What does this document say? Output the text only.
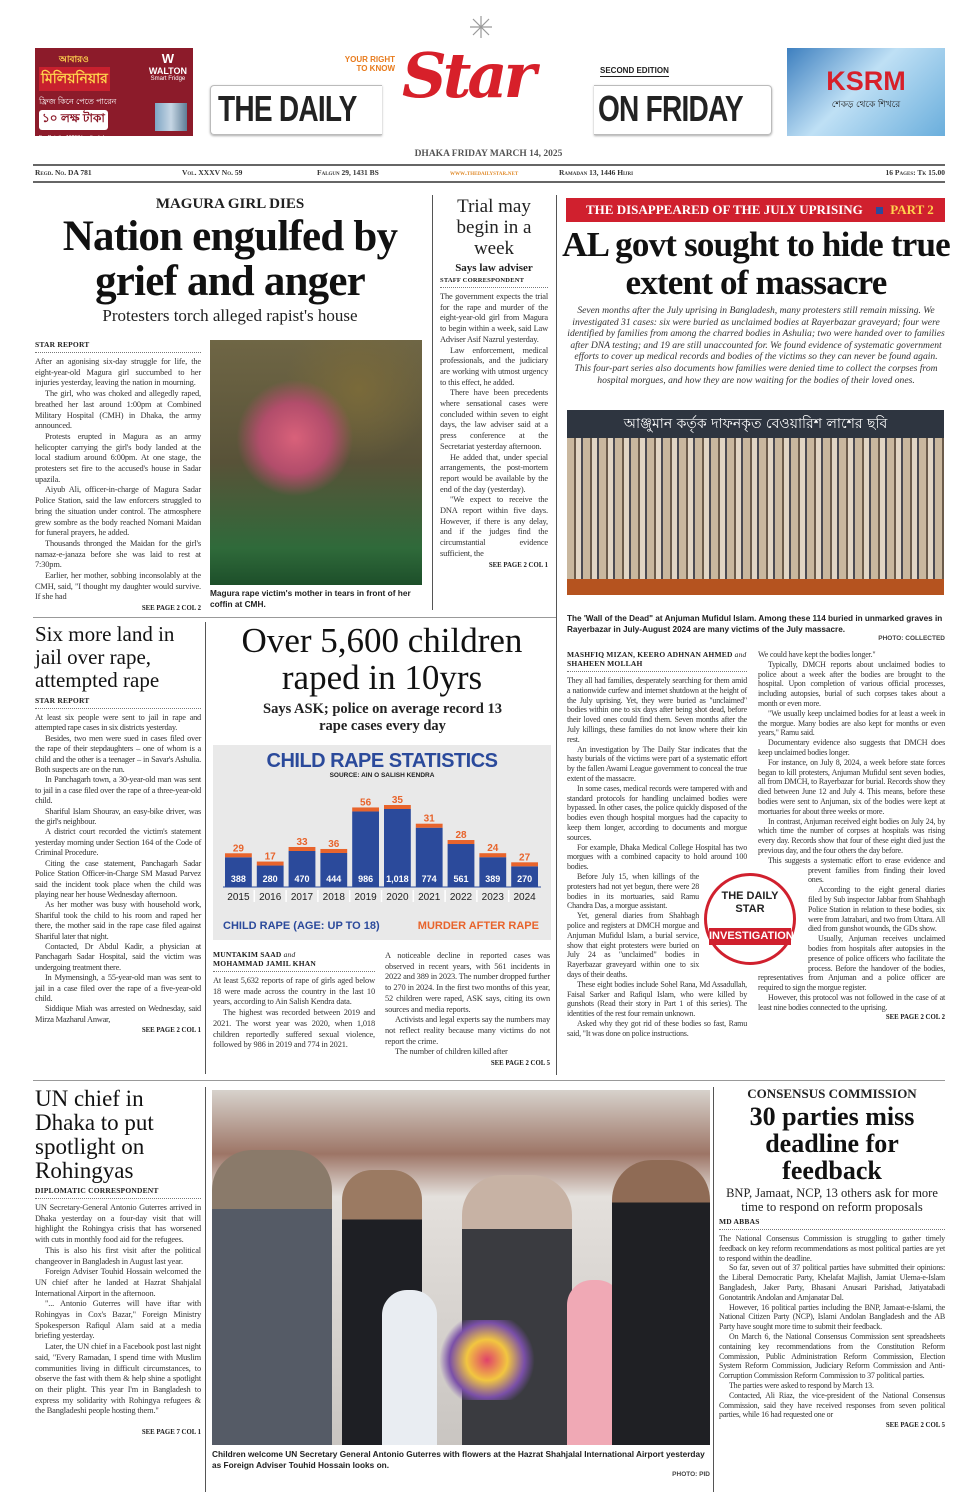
আবারও
মিলিয়নিয়ার
W
WALTON
Smart Fridge
ফ্রিজ কিনে পেতে পারেন
১০ লক্ষ টাকা
For Details: 16267 | waltonbd.com
THE DAILY
YOUR RIGHT TO KNOW Star	SECOND EDITION
ON FRIDAY
KSRM
শেকড় থেকে শিখরে
DHAKA FRIDAY MARCH 14, 2025
Regd. No. DA 781	Vol. XXXV No. 59	Falgun 29, 1431 BS	www.thedailystar.net	Ramadan 13, 1446 Hijri	16 Pages: Tk 15.00
MAGURA GIRL DIES
Nation engulfed by grief and anger
Protesters torch alleged rapist's house
STAR REPORT

After an agonising six-day struggle for life, the eight-year-old Magura girl succumbed to her injuries yesterday, leaving the nation in mourning.

The girl, who was choked and allegedly raped, breathed her last around 1:00pm at Combined Military Hospital (CMH) in Dhaka, the army announced.

Protests erupted in Magura as an army helicopter carrying the girl's body landed at the local stadium around 6:00pm. At one stage, the protesters set fire to the accused's house in Sadar upazila.

Aiyub Ali, officer-in-charge of Magura Sadar Police Station, said the law enforcers struggled to bring the situation under control. The atmosphere grew sombre as the body reached Nomani Maidan for funeral prayers, he added.

Thousands thronged the Maidan for the girl's namaz-e-janaza before she was laid to rest at 7:30pm.

Earlier, her mother, sobbing inconsolably at the CMH, said, "I thought my daughter would survive. If she had

SEE PAGE 2 COL 2
Magura rape victim's mother in tears in front of her coffin at CMH.
Trial may begin in a week
Says law adviser
STAFF CORRESPONDENT

The government expects the trial for the rape and murder of the eight-year-old girl from Magura to begin within a week, said Law Adviser Asif Nazrul yesterday.

Law enforcement, medical professionals, and the judiciary are working with utmost urgency to this effect, he added.

There have been precedents where sensational cases were concluded within seven to eight days, the law adviser said at a press conference at the Secretariat yesterday afternoon.

He added that, under special arrangements, the post-mortem report would be available by the end of the day (yesterday).

"We expect to receive the DNA report within five days. However, if there is any delay, and if the judges find the circumstantial evidence sufficient, the

SEE PAGE 2 COL 1
THE DISAPPEARED OF THE JULY UPRISING PART 2
AL govt sought to hide true extent of massacre
Seven months after the July uprising in Bangladesh, many protesters still remain missing. We investigated 31 cases: six were buried as unclaimed bodies at Rayerbazar graveyard; four were identified by families from among the charred bodies in Ashulia; two were handed over to families after DNA testing; and 19 are still unaccounted for. We found evidence of systematic government efforts to cover up medical records and bodies of the victims so they can never be found again. This four-part series also documents how families were denied time to collect the corpses from hospital morgues, and how they are now waiting for the bodies of their loved ones.
আঞ্জুমান কর্তৃক দাফনকৃত বেওয়ারিশ লাশের ছবি
The 'Wall of the Dead" at Anjuman Mufidul Islam. Among these 114 buried in unmarked graves in Rayerbazar in July-August 2024 are many victims of the July massacre.
PHOTO: COLLECTED
MASHFIQ MIZAN, KEERO ADHNAN AHMED and SHAHEEN MOLLAH

They all had families, desperately searching for them amid a nationwide curfew and internet shutdown at the height of the July uprising. Yet, they were buried as "unclaimed" bodies within one to six days after being shot dead, before their loved ones could find them. Seven months after the July killings, these families do not know where their kin rest.

An investigation by The Daily Star indicates that the hasty burials of the victims were part of a systematic effort by the fallen Awami League government to conceal the true extent of the massacre.

In some cases, medical records were tampered with and standard protocols for handling unclaimed bodies were bypassed. In other cases, the police quickly disposed of the bodies even though hospital morgues had the capacity to keep them longer, according to documents and morgue sources.

For example, Dhaka Medical College Hospital has two morgues with a combined capacity to hold around 100 bodies.

Before July 15, when killings of the protesters had not yet begun, there were 28 bodies in its mortuaries, said Ramu Chandra Das, a morgue assistant.

Yet, general diaries from Shahbagh police and registers at DMCH morgue and Anjuman Mufidul Islam, a burial service, show that eight protesters were buried on July 24 as "unclaimed" bodies in Rayerbazar graveyard within one to six days of their deaths.

These eight bodies include Sohel Rana, Md Assadullah, Faisal Sarker and Rafiqul Islam, who were killed by gunshots (Read their story in Part 1 of this series). The identities of the rest four remain unknown.

Asked why they got rid of these bodies so fast, Ramu said, "It was done on police instructions.

We could have kept the bodies longer."

Typically, DMCH reports about unclaimed bodies to police about a week after the bodies are brought to the hospital. Upon completion of various official processes, including autopsies, burial of such corpses takes about a month or even more.

"We usually keep unclaimed bodies for at least a week in the morgue. Many bodies are also kept for months or even years," Ramu said.

Documentary evidence also suggests that DMCH does keep unclaimed bodies longer.

For instance, on July 8, 2024, a week before state forces began to kill protesters, Anjuman Mufidul sent seven bodies, all from DMCH, to Rayerbazar for burial. Records show they died between June 12 and July 4. This means, before these bodies were sent to Anjuman, six of the bodies were kept at mortuaries for about three weeks or more.

In contrast, Anjuman received eight bodies on July 24, by which time the number of corpses at hospitals was rising every day. Records show that four of these eight died just the previous day, and the four others the day before.

This suggests a systematic effort to erase evidence and prevent families from finding their loved ones.

According to the eight general diaries filed by Sub inspector Jabbar from Shahbagh Police Station in relation to these bodies, six were from Jatrabari, and two from Uttara. All died from gunshot wounds, the GDs show.

Usually, Anjuman receives unclaimed bodies from hospitals after autopsies in the presence of police officers who facilitate the process. Before the handover of the bodies, representatives from Anjuman and a police officer are required to sign the morgue register.

However, this protocol was not followed in the case of at least nine bodies connected to the uprising.

SEE PAGE 2 COL 2
THE DAILY STAR
INVESTIGATION
Six more land in jail over rape, attempted rape
STAR REPORT

At least six people were sent to jail in rape and attempted rape cases in six districts yesterday.

Besides, two men were sued in cases filed over the rape of their stepdaughters – one of whom is a child and the other is a teenager – in Savar's Ashulia. Both suspects are on the run.

In Panchagarh town, a 30-year-old man was sent to jail in a case filed over the rape of a three-year-old child.

Shariful Islam Shourav, an easy-bike driver, was the girl's neighbour.

A district court recorded the victim's statement yesterday morning under Section 164 of the Code of Criminal Procedure.

Citing the case statement, Panchagarh Sadar Police Station Officer-in-Charge SM Masud Parvez said the incident took place when the child was playing near her house Wednesday afternoon.

As her mother was busy with household work, Shariful took the child to his room and raped her there, the mother said in the rape case filed against Shariful later that night.

Contacted, Dr Abdul Kadir, a physician at Panchagarh Sadar Hospital, said the victim was undergoing treatment there.

In Mymensingh, a 55-year-old man was sent to jail in a case filed over the rape of a five-year-old child.

Siddique Miah was arrested on Wednesday, said Mirza Mazharul Anwar,

SEE PAGE 2 COL 1
Over 5,600 children raped in 10yrs
Says ASK; police on average record 13 rape cases every day
CHILD RAPE STATISTICS
SOURCE: AIN O SALISH KENDRA
29
388
2015
17
280
2016
33
470
2017
36
444
2018
56
986
2019
35
1,018
2020
31
774
2021
28
561
2022
24
389
2023
27
270
2024
CHILD RAPE (AGE: UP TO 18)	MURDER AFTER RAPE
MUNTAKIM SAAD and
MOHAMMAD JAMIL KHAN

At least 5,632 reports of rape of girls aged below 18 were made across the country in the last 10 years, according to Ain Salish Kendra data.

The highest was recorded between 2019 and 2021. The worst year was 2020, when 1,018 children reportedly suffered sexual violence, followed by 986 in 2019 and 774 in 2021.

A noticeable decline in reported cases was observed in recent years, with 561 incidents in 2022 and 389 in 2023. The number dropped further to 270 in 2024. In the first two months of this year, 52 children were raped, ASK says, citing its own sources and media reports.

Activists and legal experts say the numbers may not reflect reality because many victims do not report the crime.

The number of children killed after

SEE PAGE 2 COL 5
UN chief in Dhaka to put spotlight on Rohingyas
DIPLOMATIC CORRESPONDENT

UN Secretary-General Antonio Guterres arrived in Dhaka yesterday on a four-day visit that will highlight the Rohingya crisis that has worsened with cuts in monthly food aid for the refugees.

This is also his first visit after the political changeover in Bangladesh in August last year.

Foreign Adviser Touhid Hossain welcomed the UN chief after he landed at Hazrat Shahjalal International Airport in the afternoon.

"... Antonio Guterres will have iftar with Rohingyas in Cox's Bazar," Foreign Ministry Spokesperson Rafiqul Alam said at a media briefing yesterday.

Later, the UN chief in a Facebook post last night said, "Every Ramadan, I spend time with Muslim communities living in difficult circumstances, to observe the fast with them & help shine a spotlight on their plight. This year I'm in Bangladesh to express my solidarity with Rohingya refugees & the Bangladeshi people hosting them."

SEE PAGE 7 COL 1
Children welcome UN Secretary General Antonio Guterres with flowers at the Hazrat Shahjalal International Airport yesterday as Foreign Adviser Touhid Hossain looks on.
PHOTO: PID
CONSENSUS COMMISSION
30 parties miss deadline for feedback
BNP, Jamaat, NCP, 13 others ask for more time to respond on reform proposals
MD ABBAS

The National Consensus Commission is struggling to gather timely feedback on key reform recommendations as most political parties are yet to respond within the deadline.

So far, seven out of 37 political parties have submitted their opinions: the Liberal Democratic Party, Khelafat Majlish, Jamiat Ulema-e-Islam Bangladesh, Jaker Party, Bhasani Anusari Parishad, Jatiyatabadi Gonotantrik Andolan and Amjanatar Dal.

However, 16 political parties including the BNP, Jamaat-e-Islami, the National Citizen Party (NCP), Islami Andolan Bangladesh and the AB Party have sought more time to submit their feedback.

On March 6, the National Consensus Commission sent spreadsheets containing key recommendations from the Constitution Reform Commission, Public Administration Reform Commission, Election System Reform Commission, Judiciary Reform Commission and Anti-Corruption Commission Reform Commission to 37 political parties.

The parties were asked to respond by March 13.

Contacted, Ali Riaz, the vice-president of the National Consensus Commission, said they have received responses from seven political parties, while 16 had requested one or

SEE PAGE 2 COL 5
